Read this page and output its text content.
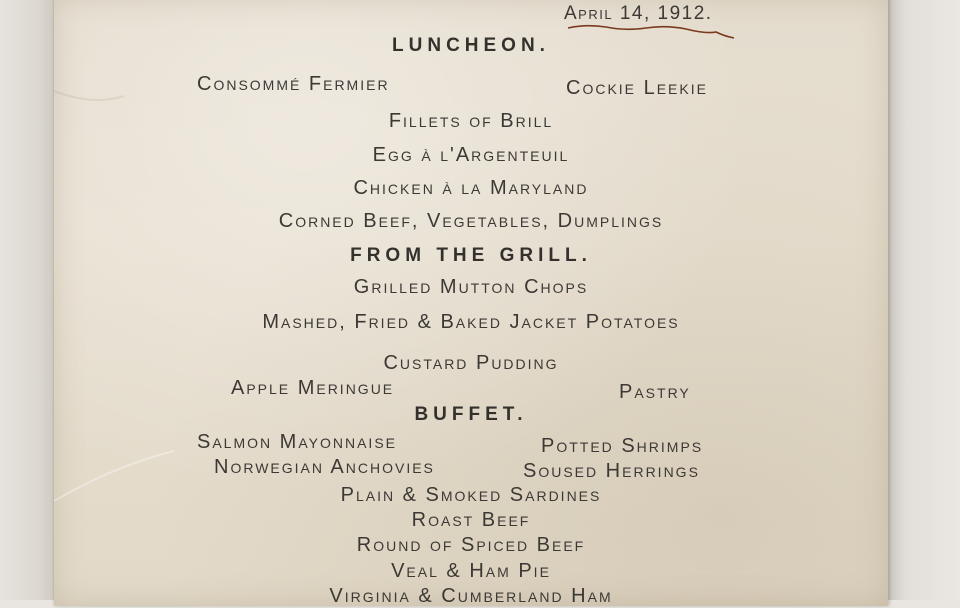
April 14, 1912.
LUNCHEON.
Consommé Fermier	Cockie Leekie
Fillets of Brill
Egg à l'Argenteuil
Chicken à la Maryland
Corned Beef, Vegetables, Dumplings
FROM THE GRILL.
Grilled Mutton Chops
Mashed, Fried & Baked Jacket Potatoes
Custard Pudding
Apple Meringue	Pastry
BUFFET.
Salmon Mayonnaise	Potted Shrimps
Norwegian Anchovies	Soused Herrings
Plain & Smoked Sardines
Roast Beef
Round of Spiced Beef
Veal & Ham Pie
Virginia & Cumberland Ham
